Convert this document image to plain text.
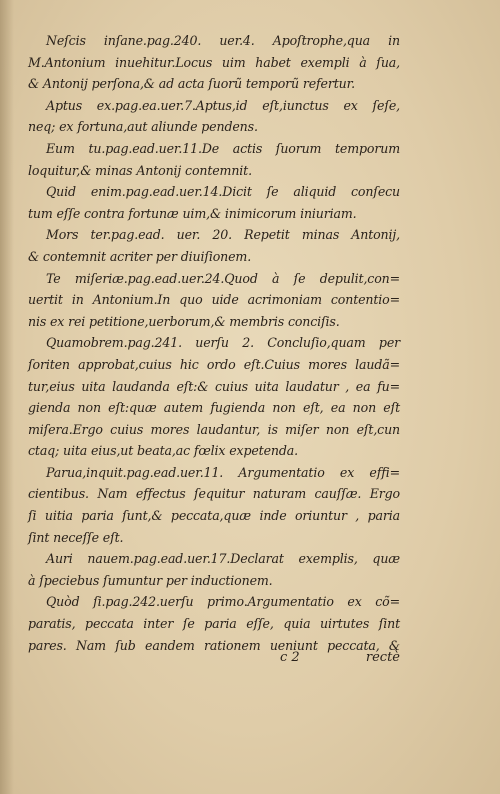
Neſcis inſane.pag.240. uer.4. Apoſtrophe,qua in
M.Antonium inuehitur.Locus uim habet exempli à ſua,
& Antonij perſona,& ad acta ſuorũ temporũ refertur.
Aptus ex.pag.ea.uer.7.Aptus,id eſt,iunctus ex ſeſe,
neq; ex fortuna,aut aliunde pendens.
Eum tu.pag.ead.uer.11.De actis ſuorum temporum
loquitur,& minas Antonij contemnit.
Quid enim.pag.ead.uer.14.Dicit ſe aliquid conſecu
tum eſſe contra fortunæ uim,& inimicorum iniuriam.
Mors ter.pag.ead. uer. 20. Repetit minas Antonij,
& contemnit acriter per diuiſionem.
Te miſeriæ.pag.ead.uer.24.Quod à ſe depulit,con=
uertit in Antonium.In quo uide acrimoniam contentio=
nis ex rei petitione,uerborum,& membris conciſis.
Quamobrem.pag.241. uerſu 2. Concluſio,quam per
ſoriten approbat,cuius hic ordo eſt.Cuius mores laudã=
tur,eius uita laudanda eſt:& cuius uita laudatur , ea fu=
gienda non eſt:quæ autem fugienda non eſt, ea non eſt
miſera.Ergo cuius mores laudantur, is miſer non eſt,cun
ctaq; uita eius,ut beata,ac fœlix expetenda.
Parua,inquit.pag.ead.uer.11. Argumentatio ex effi=
cientibus. Nam effectus ſequitur naturam cauſſæ. Ergo
ſi uitia paria ſunt,& peccata,quæ inde oriuntur , paria
ſint neceſſe eſt.
Auri nauem.pag.ead.uer.17.Declarat exemplis, quæ
à ſpeciebus ſumuntur per inductionem.
Quòd ſi.pag.242.uerſu primo.Argumentatio ex cõ=
paratis, peccata inter ſe paria eſſe, quia uirtutes ſint
pares. Nam ſub eandem rationem ueniunt peccata, &
c 2	rectè
